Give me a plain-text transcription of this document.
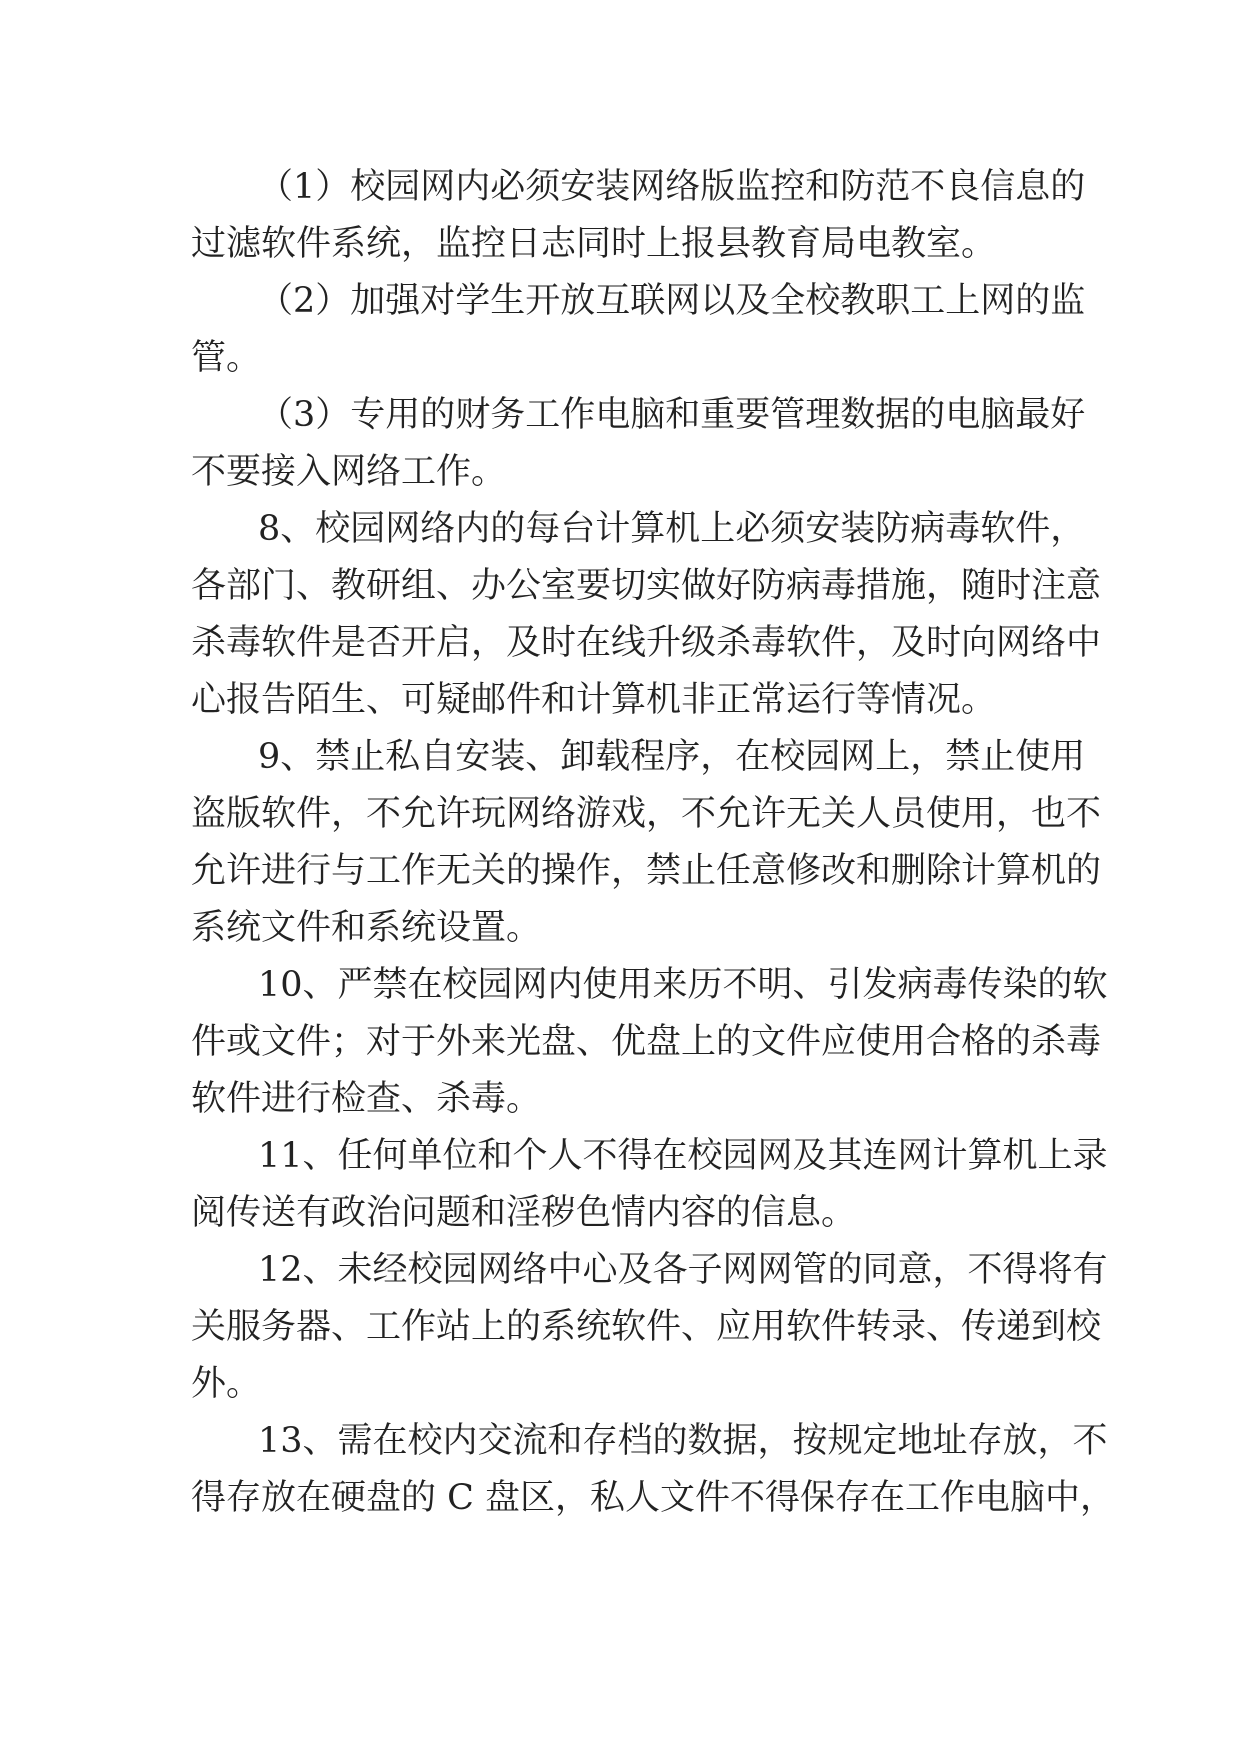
（1）校园网内必须安装网络版监控和防范不良信息的
过滤软件系统，监控日志同时上报县教育局电教室。
（2）加强对学生开放互联网以及全校教职工上网的监
管。
（3）专用的财务工作电脑和重要管理数据的电脑最好
不要接入网络工作。
8、校园网络内的每台计算机上必须安装防病毒软件，
各部门、教研组、办公室要切实做好防病毒措施，随时注意
杀毒软件是否开启，及时在线升级杀毒软件，及时向网络中
心报告陌生、可疑邮件和计算机非正常运行等情况。
9、禁止私自安装、卸载程序，在校园网上，禁止使用
盗版软件，不允许玩网络游戏，不允许无关人员使用，也不
允许进行与工作无关的操作，禁止任意修改和删除计算机的
系统文件和系统设置。
10、严禁在校园网内使用来历不明、引发病毒传染的软
件或文件；对于外来光盘、优盘上的文件应使用合格的杀毒
软件进行检查、杀毒。
11、任何单位和个人不得在校园网及其连网计算机上录
阅传送有政治问题和淫秽色情内容的信息。
12、未经校园网络中心及各子网网管的同意，不得将有
关服务器、工作站上的系统软件、应用软件转录、传递到校
外。
13、需在校内交流和存档的数据，按规定地址存放，不
得存放在硬盘的 C 盘区，私人文件不得保存在工作电脑中，
